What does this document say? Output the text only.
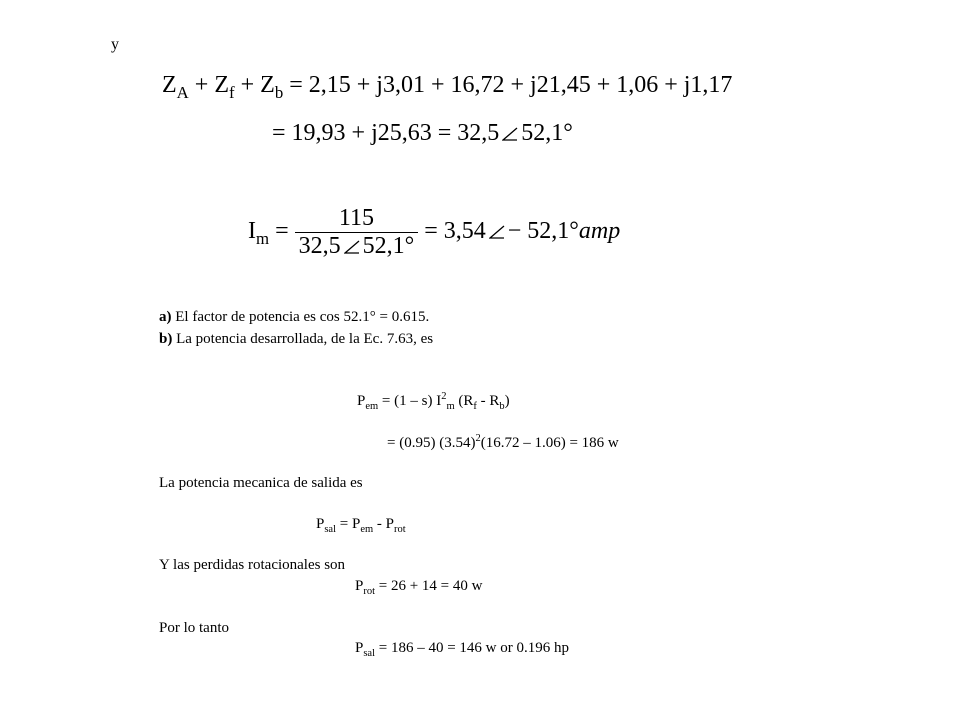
y
$Z_A + Z_f + Z_b = 2,15 + j3,01 + 16,72 + j21,45 + 1,06 + j1,17$
= 19,93 + j25,63 = 32,5 52,1°
$I_m = \frac{115}{32,5 52,1^\circ} = 3,54 - 52,1^\circ amp$
a) El factor de potencia es cos 52.1° = 0.615.
b) La potencia desarrollada, de la Ec. 7.63, es
$P_{em} = (1 - s)$ $I^2_m$ $(R_f - R_b)$
= (0.95) $(3.54)^2(16.72 - 1.06) = 186$ w
La potencia mecanica de salida es
$P_{sal} = P_{em} - P_{rot}$
Y las perdidas rotacionales son
$P_{rot} = 26 + 14 = 40$ w
Por lo tanto
$P_{sal} = 186 - 40 = 146$ w or 0.196 hp
